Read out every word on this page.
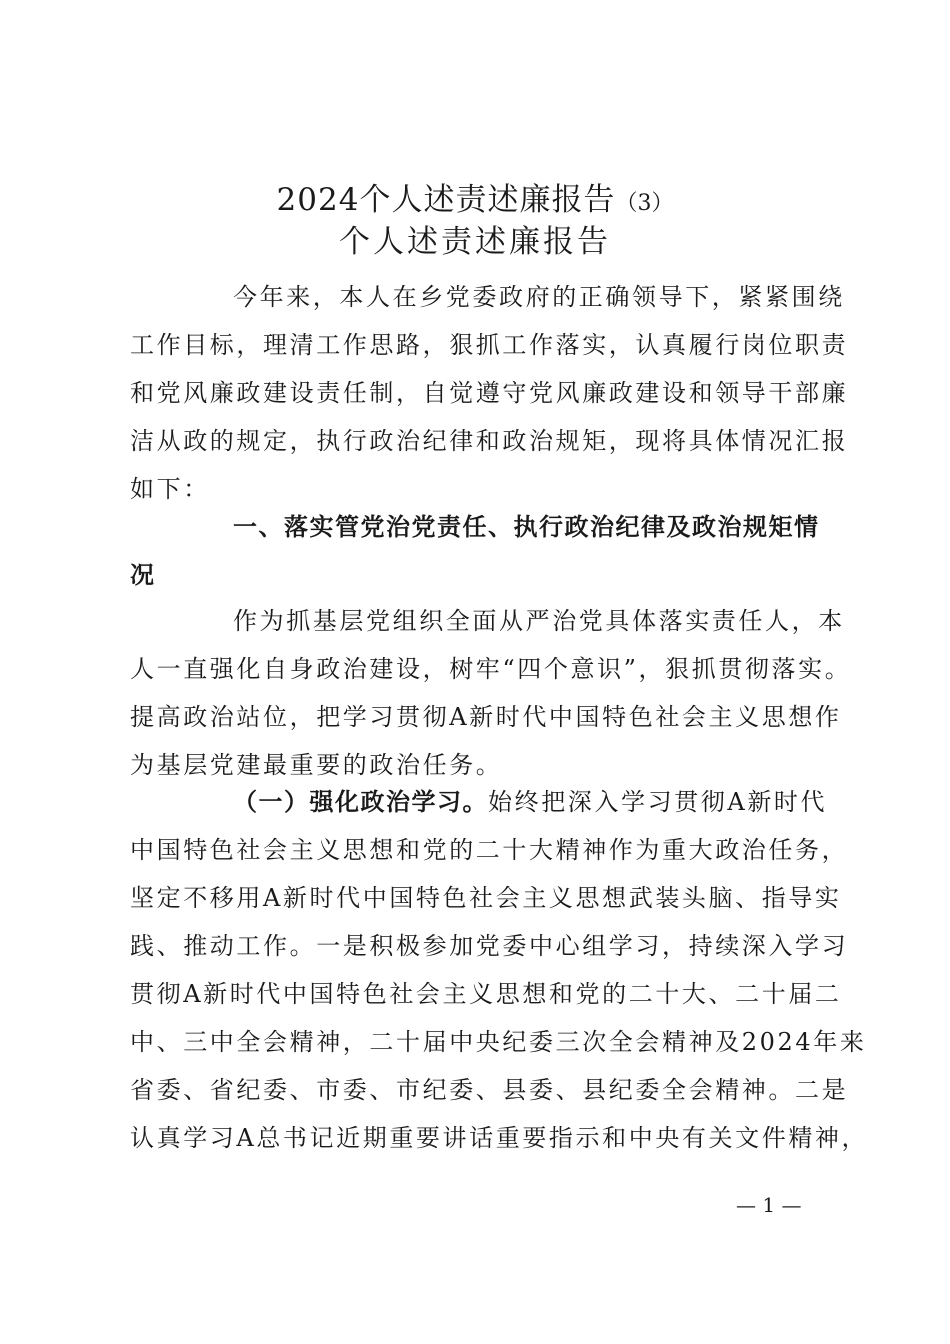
2024个人述责述廉报告（3）
个人述责述廉报告
今年来，本人在乡党委政府的正确领导下，紧紧围绕
工作目标，理清工作思路，狠抓工作落实，认真履行岗位职责
和党风廉政建设责任制，自觉遵守党风廉政建设和领导干部廉
洁从政的规定，执行政治纪律和政治规矩，现将具体情况汇报
如下：
一、落实管党治党责任、执行政治纪律及政治规矩情
况
作为抓基层党组织全面从严治党具体落实责任人，本
人一直强化自身政治建设，树牢“四个意识”，狠抓贯彻落实。
提高政治站位，把学习贯彻A新时代中国特色社会主义思想作
为基层党建最重要的政治任务。
（一）强化政治学习。始终把深入学习贯彻A新时代
中国特色社会主义思想和党的二十大精神作为重大政治任务，
坚定不移用A新时代中国特色社会主义思想武装头脑、指导实
践、推动工作。一是积极参加党委中心组学习，持续深入学习
贯彻A新时代中国特色社会主义思想和党的二十大、二十届二
中、三中全会精神，二十届中央纪委三次全会精神及2024年来
省委、省纪委、市委、市纪委、县委、县纪委全会精神。二是
认真学习A总书记近期重要讲话重要指示和中央有关文件精神，
— 1 —
